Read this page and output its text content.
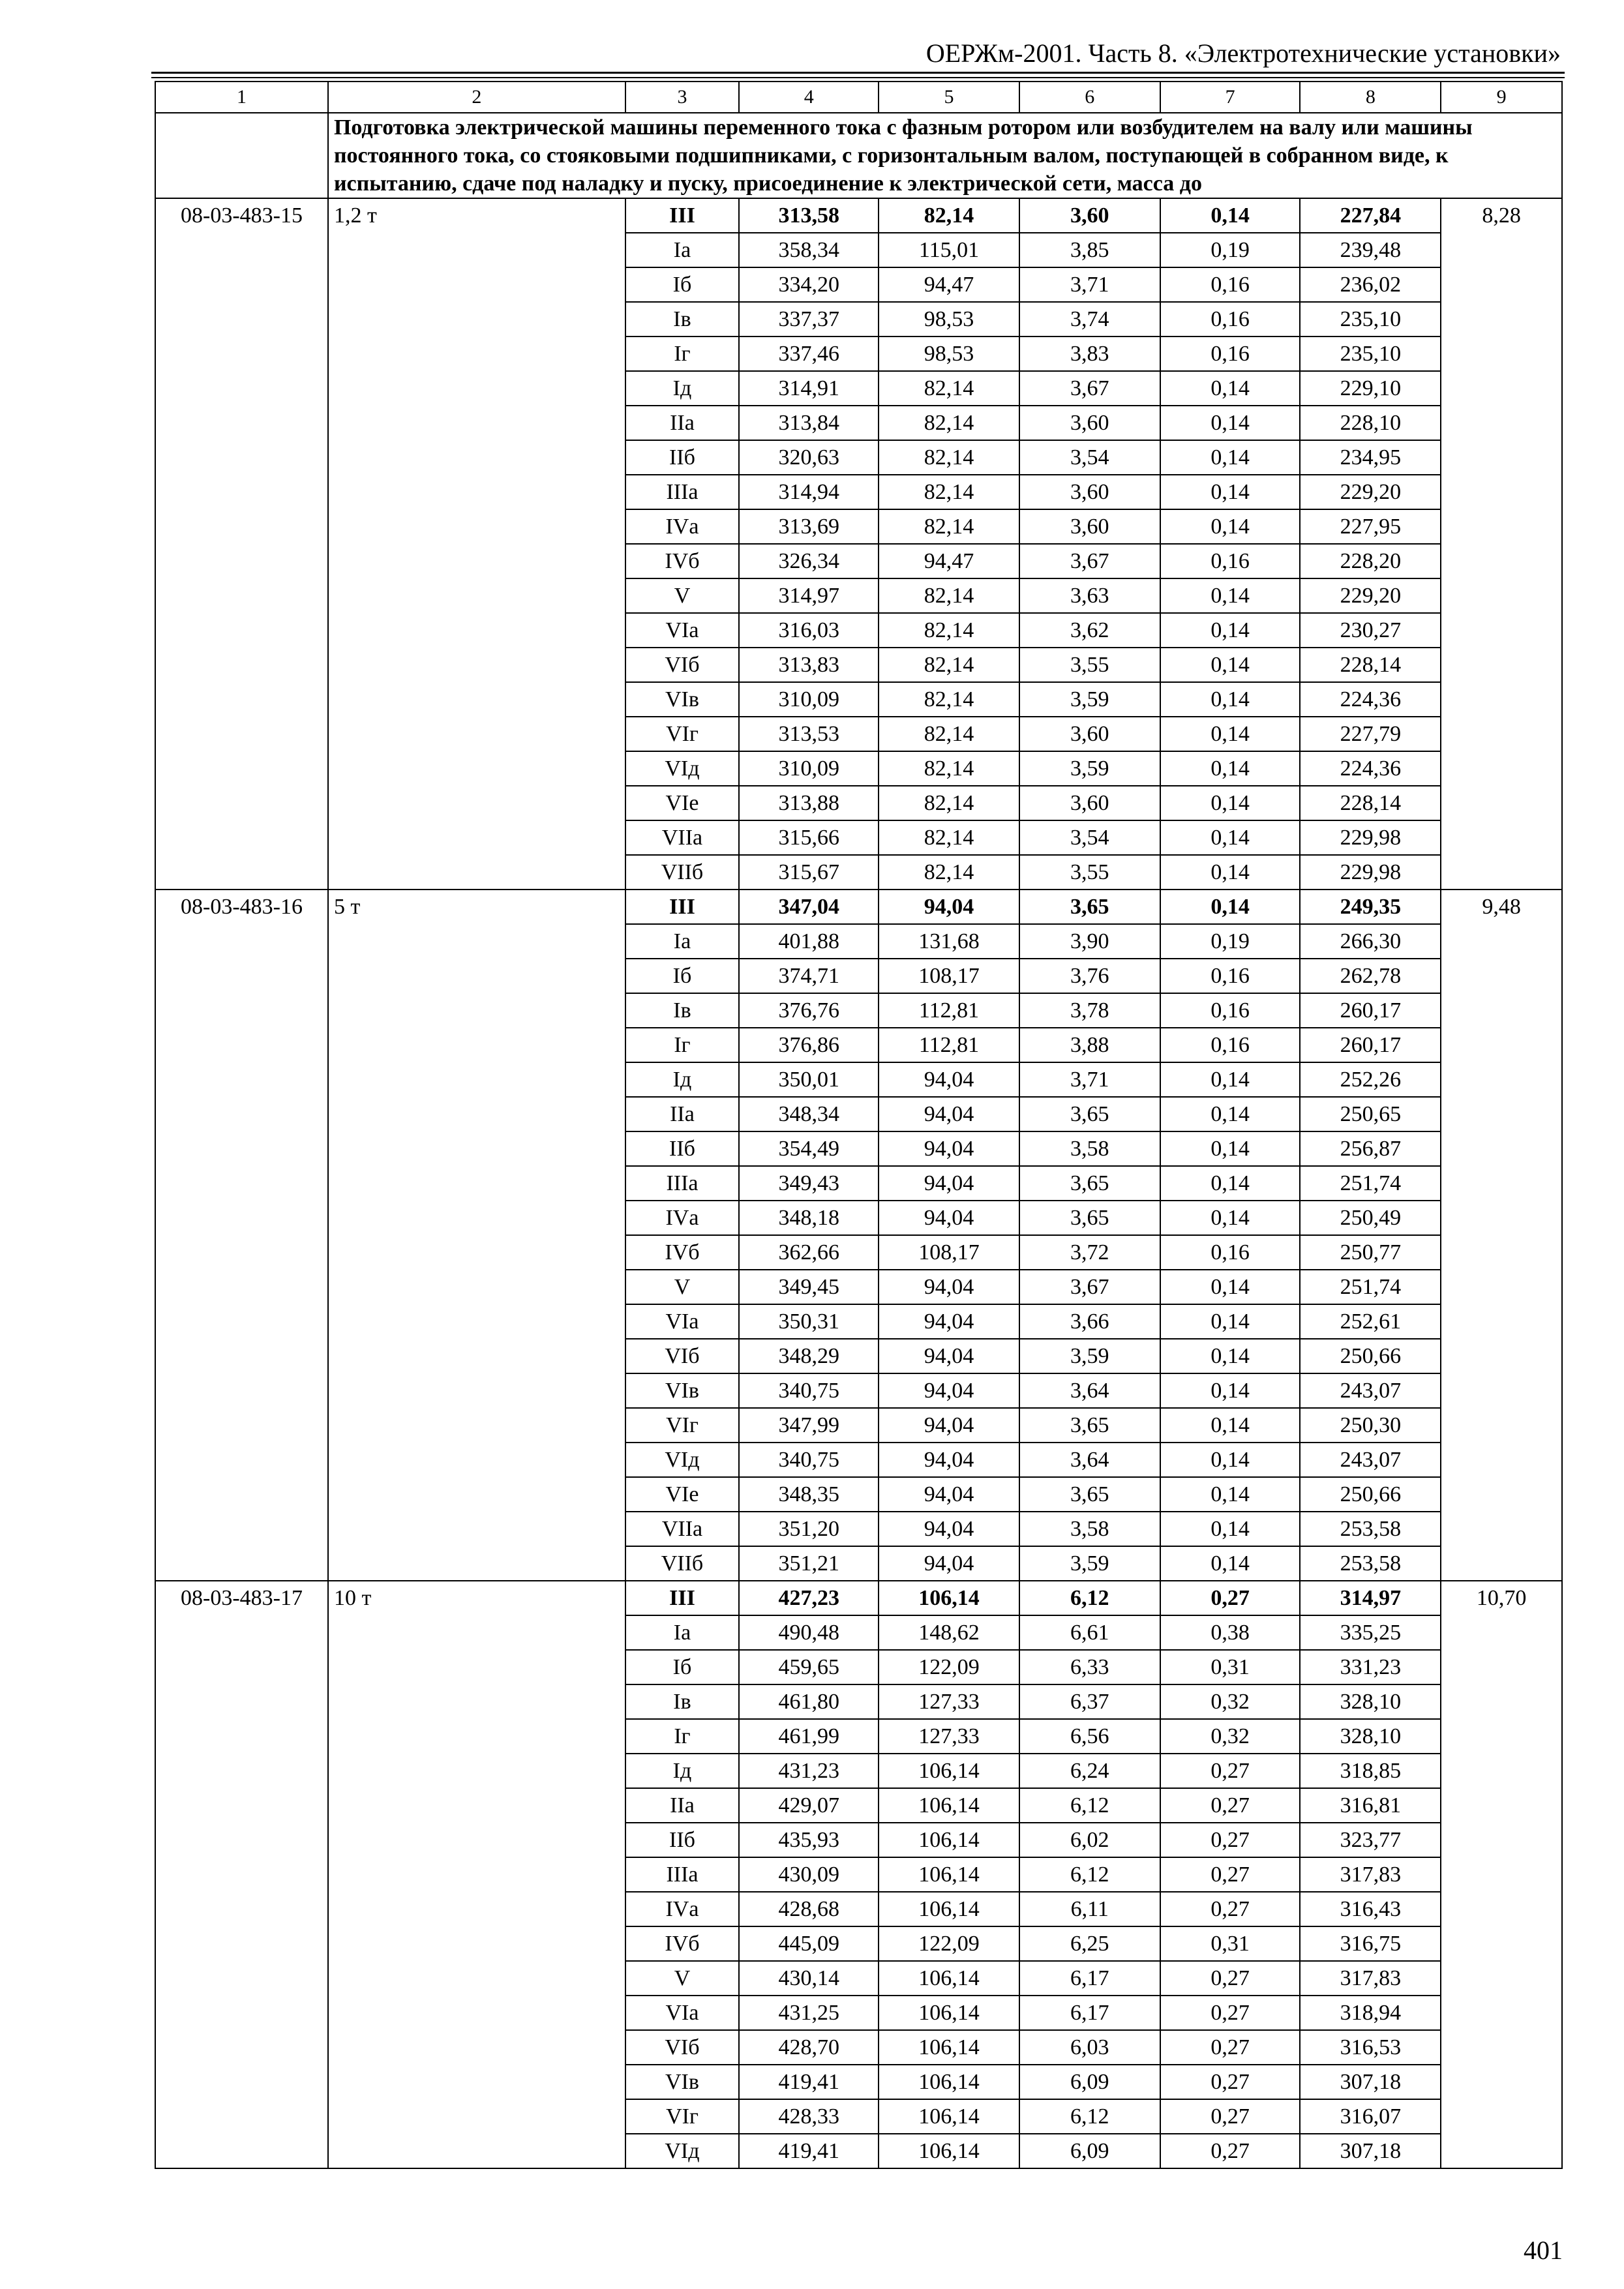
ОЕРЖм-2001. Часть 8. «Электротехнические установки»
1	2	3	4	5	6	7	8	9
	Подготовка электрической машины переменного тока с фазным ротором или возбудителем на валу или машины постоянного тока, со стояковыми подшипниками, с горизонтальным валом, поступающей в собранном виде, к испытанию, сдаче под наладку и пуску, присоединение к электрической сети, масса до							
08-03-483-15	1,2 т	III	313,58	82,14	3,60	0,14	227,84	8,28
		Iа	358,34	115,01	3,85	0,19	239,48	
		Iб	334,20	94,47	3,71	0,16	236,02	
		Iв	337,37	98,53	3,74	0,16	235,10	
		Iг	337,46	98,53	3,83	0,16	235,10	
		Iд	314,91	82,14	3,67	0,14	229,10	
		IIа	313,84	82,14	3,60	0,14	228,10	
		IIб	320,63	82,14	3,54	0,14	234,95	
		IIIа	314,94	82,14	3,60	0,14	229,20	
		IVа	313,69	82,14	3,60	0,14	227,95	
		IVб	326,34	94,47	3,67	0,16	228,20	
		V	314,97	82,14	3,63	0,14	229,20	
		VIа	316,03	82,14	3,62	0,14	230,27	
		VIб	313,83	82,14	3,55	0,14	228,14	
		VIв	310,09	82,14	3,59	0,14	224,36	
		VIг	313,53	82,14	3,60	0,14	227,79	
		VIд	310,09	82,14	3,59	0,14	224,36	
		VIе	313,88	82,14	3,60	0,14	228,14	
		VIIа	315,66	82,14	3,54	0,14	229,98	
		VIIб	315,67	82,14	3,55	0,14	229,98	
08-03-483-16	5 т	III	347,04	94,04	3,65	0,14	249,35	9,48
		Iа	401,88	131,68	3,90	0,19	266,30	
		Iб	374,71	108,17	3,76	0,16	262,78	
		Iв	376,76	112,81	3,78	0,16	260,17	
		Iг	376,86	112,81	3,88	0,16	260,17	
		Iд	350,01	94,04	3,71	0,14	252,26	
		IIа	348,34	94,04	3,65	0,14	250,65	
		IIб	354,49	94,04	3,58	0,14	256,87	
		IIIа	349,43	94,04	3,65	0,14	251,74	
		IVа	348,18	94,04	3,65	0,14	250,49	
		IVб	362,66	108,17	3,72	0,16	250,77	
		V	349,45	94,04	3,67	0,14	251,74	
		VIа	350,31	94,04	3,66	0,14	252,61	
		VIб	348,29	94,04	3,59	0,14	250,66	
		VIв	340,75	94,04	3,64	0,14	243,07	
		VIг	347,99	94,04	3,65	0,14	250,30	
		VIд	340,75	94,04	3,64	0,14	243,07	
		VIе	348,35	94,04	3,65	0,14	250,66	
		VIIа	351,20	94,04	3,58	0,14	253,58	
		VIIб	351,21	94,04	3,59	0,14	253,58	
08-03-483-17	10 т	III	427,23	106,14	6,12	0,27	314,97	10,70
		Iа	490,48	148,62	6,61	0,38	335,25	
		Iб	459,65	122,09	6,33	0,31	331,23	
		Iв	461,80	127,33	6,37	0,32	328,10	
		Iг	461,99	127,33	6,56	0,32	328,10	
		Iд	431,23	106,14	6,24	0,27	318,85	
		IIа	429,07	106,14	6,12	0,27	316,81	
		IIб	435,93	106,14	6,02	0,27	323,77	
		IIIа	430,09	106,14	6,12	0,27	317,83	
		IVа	428,68	106,14	6,11	0,27	316,43	
		IVб	445,09	122,09	6,25	0,31	316,75	
		V	430,14	106,14	6,17	0,27	317,83	
		VIа	431,25	106,14	6,17	0,27	318,94	
		VIб	428,70	106,14	6,03	0,27	316,53	
		VIв	419,41	106,14	6,09	0,27	307,18	
		VIг	428,33	106,14	6,12	0,27	316,07	
		VIд	419,41	106,14	6,09	0,27	307,18	
401
